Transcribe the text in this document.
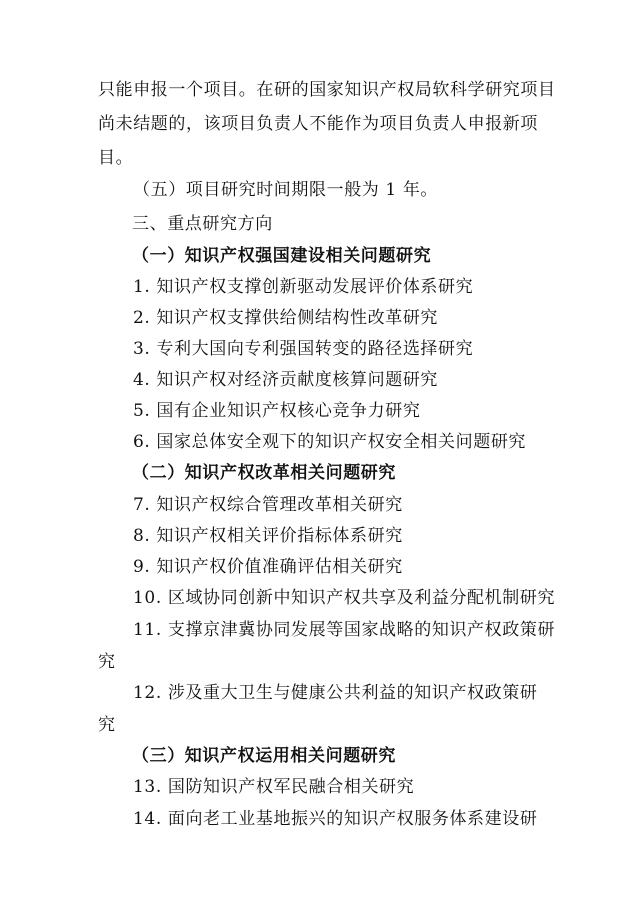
只能申报一个项目。在研的国家知识产权局软科学研究项目
尚未结题的，该项目负责人不能作为项目负责人申报新项
目。
（五）项目研究时间期限一般为 1 年。
三、重点研究方向
（一）知识产权强国建设相关问题研究
1. 知识产权支撑创新驱动发展评价体系研究
2. 知识产权支撑供给侧结构性改革研究
3. 专利大国向专利强国转变的路径选择研究
4. 知识产权对经济贡献度核算问题研究
5. 国有企业知识产权核心竞争力研究
6. 国家总体安全观下的知识产权安全相关问题研究
（二）知识产权改革相关问题研究
7. 知识产权综合管理改革相关研究
8. 知识产权相关评价指标体系研究
9. 知识产权价值准确评估相关研究
10. 区域协同创新中知识产权共享及利益分配机制研究
11. 支撑京津冀协同发展等国家战略的知识产权政策研
究
12. 涉及重大卫生与健康公共利益的知识产权政策研
究
（三）知识产权运用相关问题研究
13. 国防知识产权军民融合相关研究
14. 面向老工业基地振兴的知识产权服务体系建设研
